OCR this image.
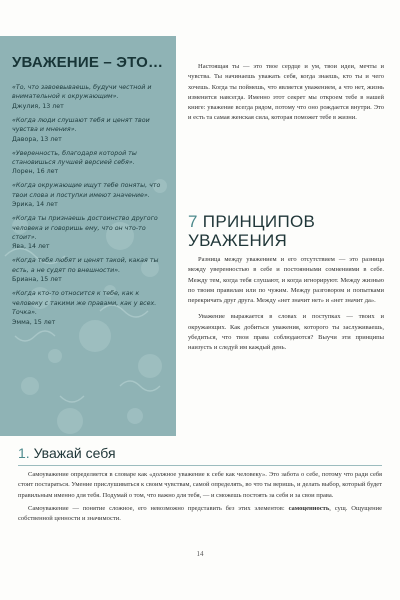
УВАЖЕНИЕ – ЭТО…
«То, что завоевываешь, будучи честной и внимательной к окружающим».
Джулия, 13 лет
«Когда люди слушают тебя и ценят твои чувства и мнения».
Давора, 13 лет
«Уверенность, благодаря которой ты становишься лучшей версией себя».
Лорен, 16 лет
«Когда окружающие ищут тебе поняты, что твои слова и поступки имеют значение».
Эрика, 14 лет
«Когда ты признаешь достоинство другого человека и говоришь ему, что он что-то стоит».
Ява, 14 лет
«Когда тебя любят и ценят такой, какая ты есть, а не судят по внешности».
Бриана, 15 лет
«Когда кто-то относится к тебе, как к человеку с такими же правами, как у всех. Точка».
Эмма, 15 лет

Настоящая ты — это твое сердце и ум, твои идеи, мечты и чувства. Ты начинаешь уважать себя, когда знаешь, кто ты и чего хочешь. Когда ты поймешь, что является уважением, а что нет, жизнь изменится навсегда. Именно этот секрет мы откроем тебе в нашей книге: уважение всегда рядом, потому что оно рождается внутри. Это и есть та самая женская сила, которая поможет тебе в жизни.

7 ПРИНЦИПОВ
УВАЖЕНИЯ

Разница между уважением и его отсутствием — это разница между уверенностью в себе и постоянными сомнениями в себе. Между тем, когда тебя слушают, и когда игнорируют. Между жизнью по твоим правилам или по чужим. Между разговором и попытками перекричать друг друга. Между «нет значит нет» и «нет значит да».

Уважение выражается в словах и поступках — твоих и окружающих. Как добиться уважения, которого ты заслуживаешь, убедиться, что твои права соблюдаются? Выучи эти принципы наизусть и следуй им каждый день.

1. Уважай себя

Самоуважение определяется в словаре как «должное уважение к себе как человеку». Это забота о себе, потому что ради себя стоит постараться. Умение прислушиваться к своим чувствам, самой определять, во что ты веришь, и делать выбор, который будет правильным именно для тебя. Подумай о том, что важно для тебя, — и сможешь постоять за себя и за свои права.

Самоуважение — понятие сложное, его невозможно представить без этих элементов: самоценность, сущ. Ощущение собственной ценности и значимости.

14
